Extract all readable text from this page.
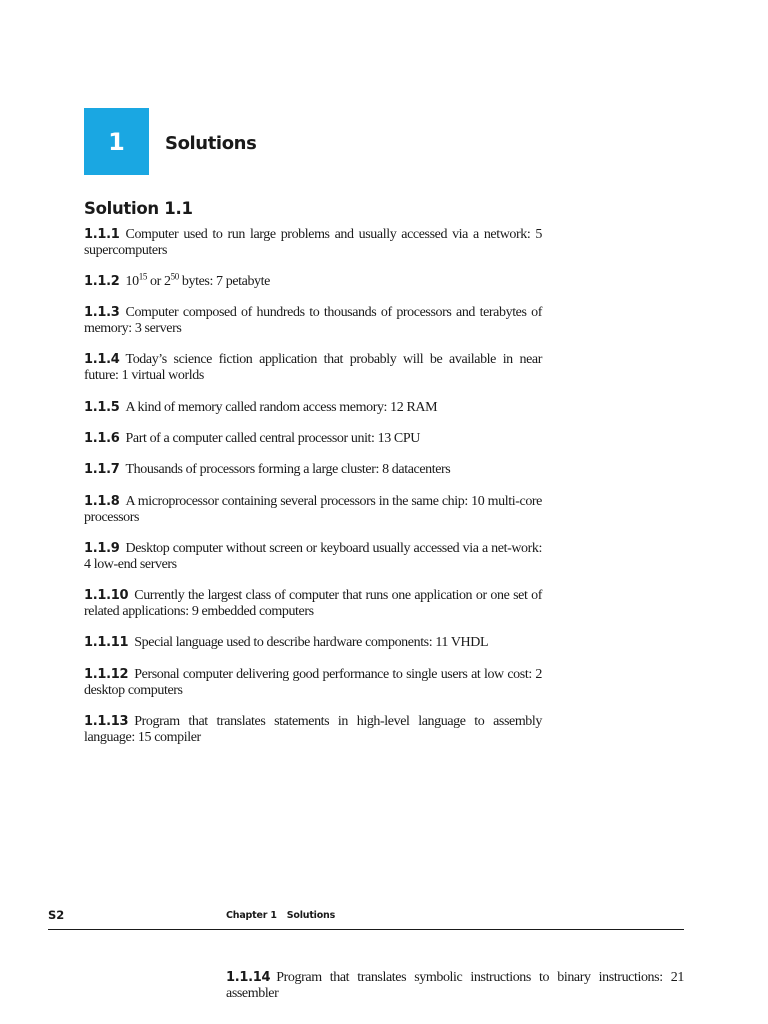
1 Solutions
Solution 1.1
1.1.1 Computer used to run large problems and usually accessed via a network: 5 supercomputers
1.1.2 $10^{15}$ or $2^{50}$ bytes: 7 petabyte
1.1.3 Computer composed of hundreds to thousands of processors and terabytes of memory: 3 servers
1.1.4 Today’s science fiction application that probably will be available in near future: 1 virtual worlds
1.1.5 A kind of memory called random access memory: 12 RAM
1.1.6 Part of a computer called central processor unit: 13 CPU
1.1.7 Thousands of processors forming a large cluster: 8 datacenters
1.1.8 A microprocessor containing several processors in the same chip: 10 multi-core processors
1.1.9 Desktop computer without screen or keyboard usually accessed via a net-work: 4 low-end servers
1.1.10 Currently the largest class of computer that runs one application or one set of related applications: 9 embedded computers
1.1.11 Special language used to describe hardware components: 11 VHDL
1.1.12 Personal computer delivering good performance to single users at low cost: 2 desktop computers
1.1.13 Program that translates statements in high-level language to assembly language: 15 compiler
S2	Chapter 1 Solutions
1.1.14 Program that translates symbolic instructions to binary instructions: 21 assembler
